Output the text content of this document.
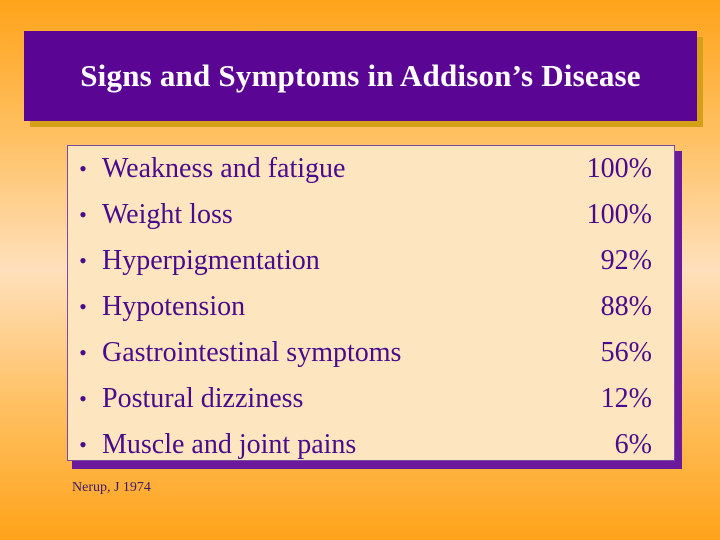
Signs and Symptoms in Addison’s Disease
• Weakness and fatigue	100%
• Weight loss	100%
• Hyperpigmentation	92%
• Hypotension	88%
• Gastrointestinal symptoms	56%
• Postural dizziness	12%
• Muscle and joint pains	6%
Nerup, J 1974
